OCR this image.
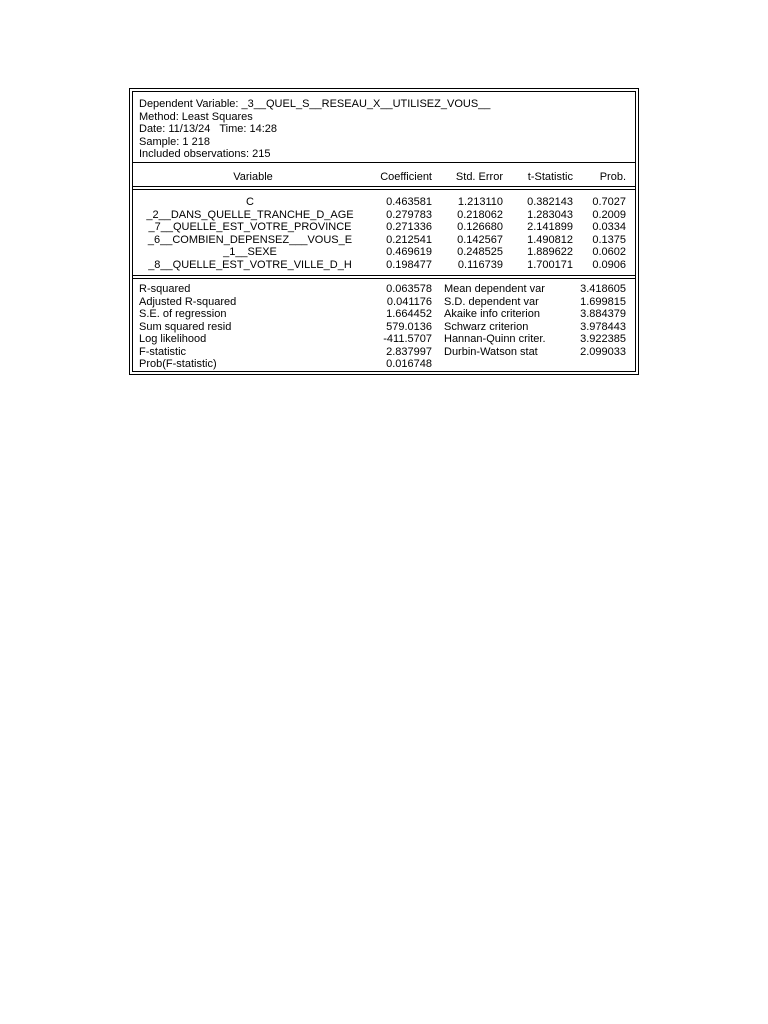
Dependent Variable: _3__QUEL_S__RESEAU_X__UTILISEZ_VOUS__
Method: Least Squares
Date: 11/13/24   Time: 14:28
Sample: 1 218
Included observations: 215
Variable	Coefficient	Std. Error	t-Statistic	Prob.
C	0.463581	1.213110	0.382143	0.7027
_2__DANS_QUELLE_TRANCHE_D_AGE	0.279783	0.218062	1.283043	0.2009
_7__QUELLE_EST_VOTRE_PROVINCE	0.271336	0.126680	2.141899	0.0334
_6__COMBIEN_DEPENSEZ___VOUS_E	0.212541	0.142567	1.490812	0.1375
_1__SEXE	0.469619	0.248525	1.889622	0.0602
_8__QUELLE_EST_VOTRE_VILLE_D_H	0.198477	0.116739	1.700171	0.0906
R-squared	0.063578 Mean dependent var	3.418605
Adjusted R-squared	0.041176 S.D. dependent var	1.699815
S.E. of regression	1.664452 Akaike info criterion	3.884379
Sum squared resid	579.0136 Schwarz criterion	3.978443
Log likelihood	-411.5707 Hannan-Quinn criter.	3.922385
F-statistic	2.837997 Durbin-Watson stat	2.099033
Prob(F-statistic)	0.016748
